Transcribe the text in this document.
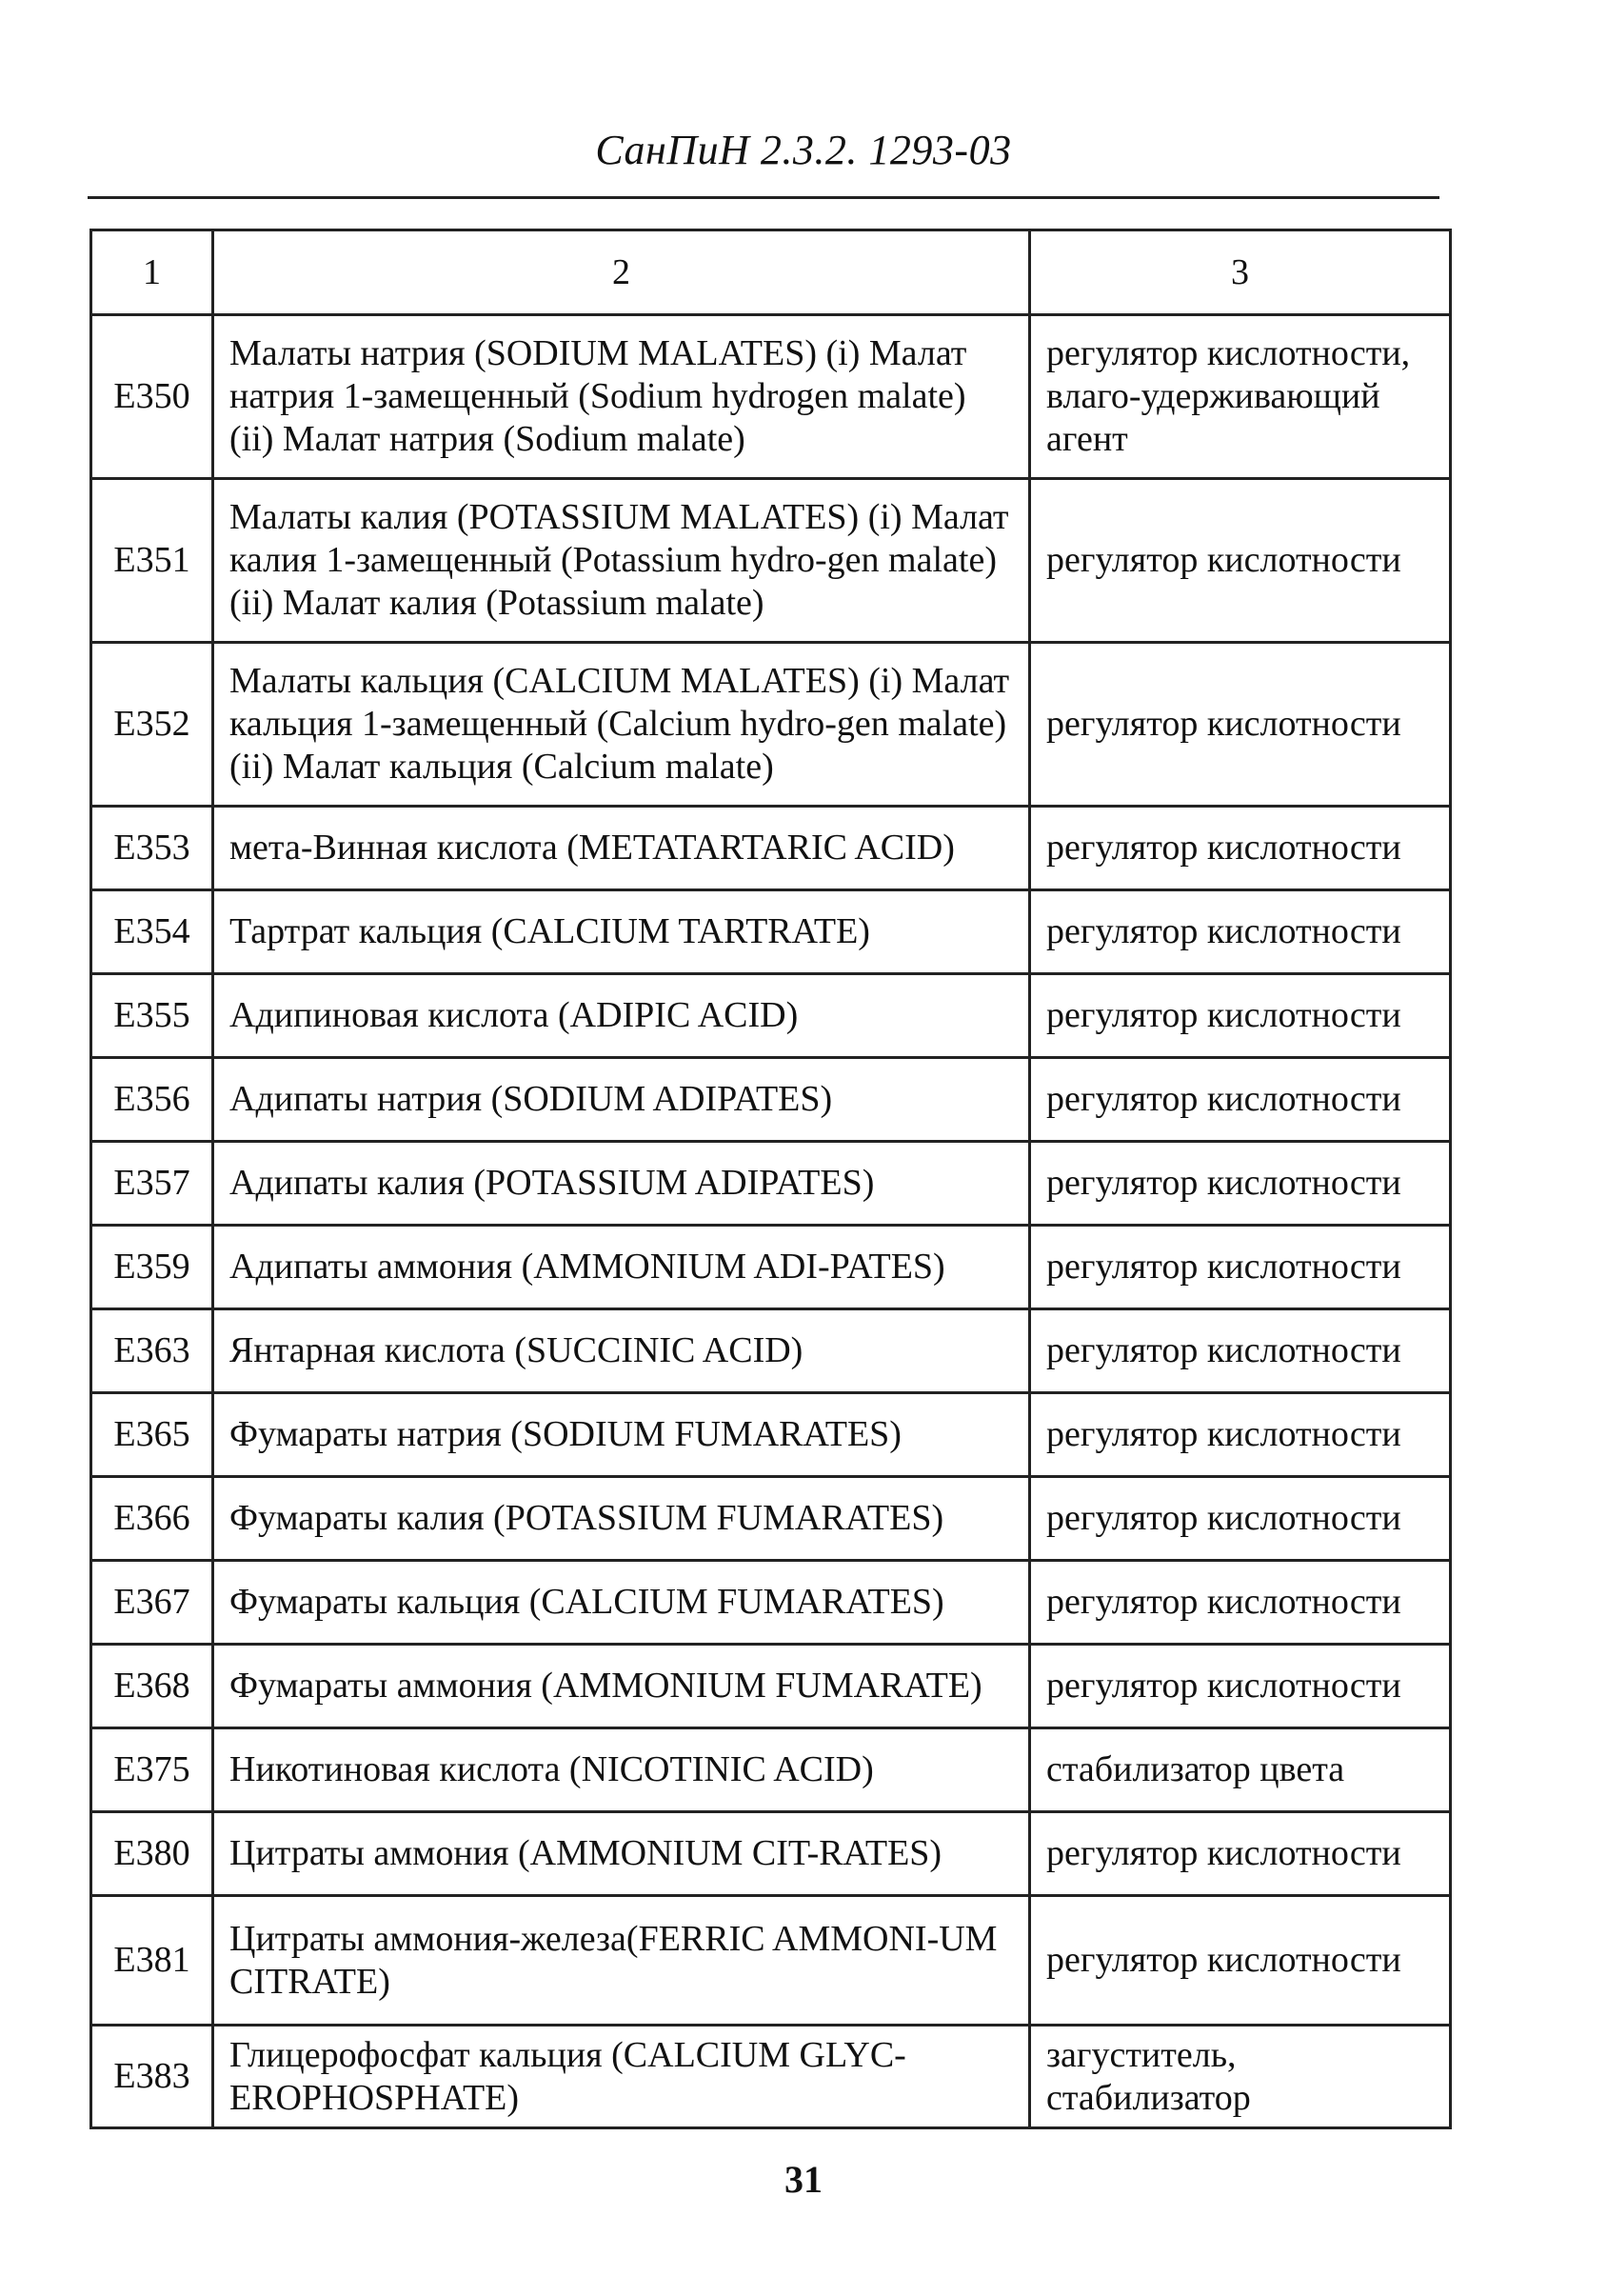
СанПиН 2.3.2. 1293-03
1	2	3
E350	Малаты натрия (SODIUM MALATES) (i) Малат натрия 1-замещенный (Sodium hydrogen malate) (ii) Малат натрия (Sodium malate)	регулятор кислотности, влаго-удерживающий агент
E351	Малаты калия (POTASSIUM MALATES) (i) Малат калия 1-замещенный (Potassium hydro-gen malate) (ii) Малат калия (Potassium malate)	регулятор кислотности
E352	Малаты кальция (CALCIUM MALATES) (i) Малат кальция 1-замещенный (Calcium hydro-gen malate) (ii) Малат кальция (Calcium malate)	регулятор кислотности
E353	мета-Винная кислота (METATARTARIC ACID)	регулятор кислотности
E354	Тартрат кальция (CALCIUM TARTRATE)	регулятор кислотности
E355	Адипиновая кислота (ADIPIC ACID)	регулятор кислотности
E356	Адипаты натрия (SODIUM ADIPATES)	регулятор кислотности
E357	Адипаты калия (POTASSIUM ADIPATES)	регулятор кислотности
E359	Адипаты аммония (AMMONIUM ADI-PATES)	регулятор кислотности
E363	Янтарная кислота (SUCCINIC ACID)	регулятор кислотности
E365	Фумараты натрия (SODIUM FUMARATES)	регулятор кислотности
E366	Фумараты калия (POTASSIUM FUMARATES)	регулятор кислотности
E367	Фумараты кальция (CALCIUM FUMARATES)	регулятор кислотности
E368	Фумараты аммония (AMMONIUM FUMARATE)	регулятор кислотности
E375	Никотиновая кислота (NICOTINIC ACID)	стабилизатор цвета
E380	Цитраты аммония (AMMONIUM CIT-RATES)	регулятор кислотности
E381	Цитраты аммония-железа(FERRIC AMMONI-UM CITRATE)	регулятор кислотности
E383	Глицерофосфат кальция (CALCIUM GLYC-EROPHOSPHATE)	загуститель, стабилизатор
31
